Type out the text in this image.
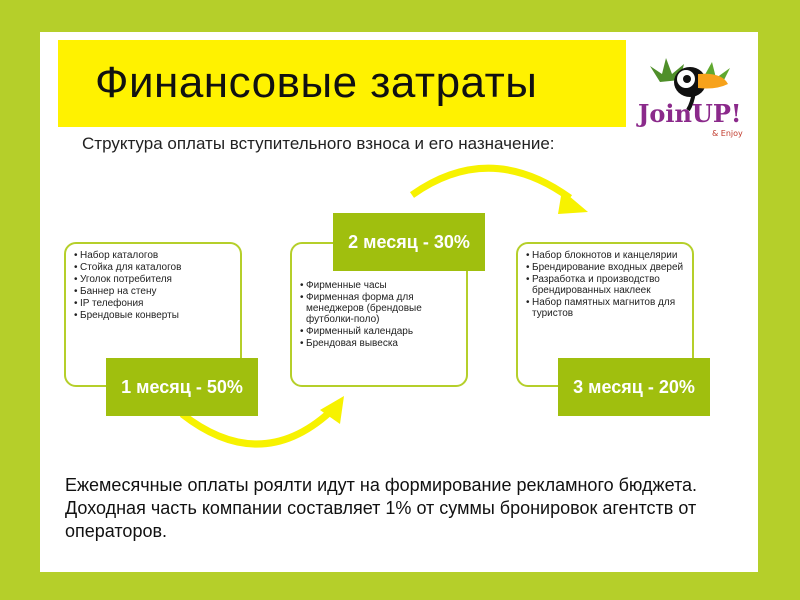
Финансовые затраты
Структура оплаты вступительного взноса и его назначение:
JoinUP!
& Enjoy
• Набор каталогов
• Стойка для каталогов
• Уголок потребителя
• Баннер на стену
• IP телефония
• Брендовые конверты
1 месяц - 50%
• Фирменные часы
• Фирменная форма для менеджеров (брендовые футболки-поло)
• Фирменный календарь
• Брендовая вывеска
2 месяц - 30%
• Набор блокнотов и канцелярии
• Брендирование входных дверей
• Разработка и производство брендированных наклеек
• Набор памятных магнитов для туристов
3 месяц - 20%
Ежемесячные оплаты роялти идут на формирование рекламного бюджета. Доходная часть компании составляет 1% от суммы бронировок агентств от операторов.
